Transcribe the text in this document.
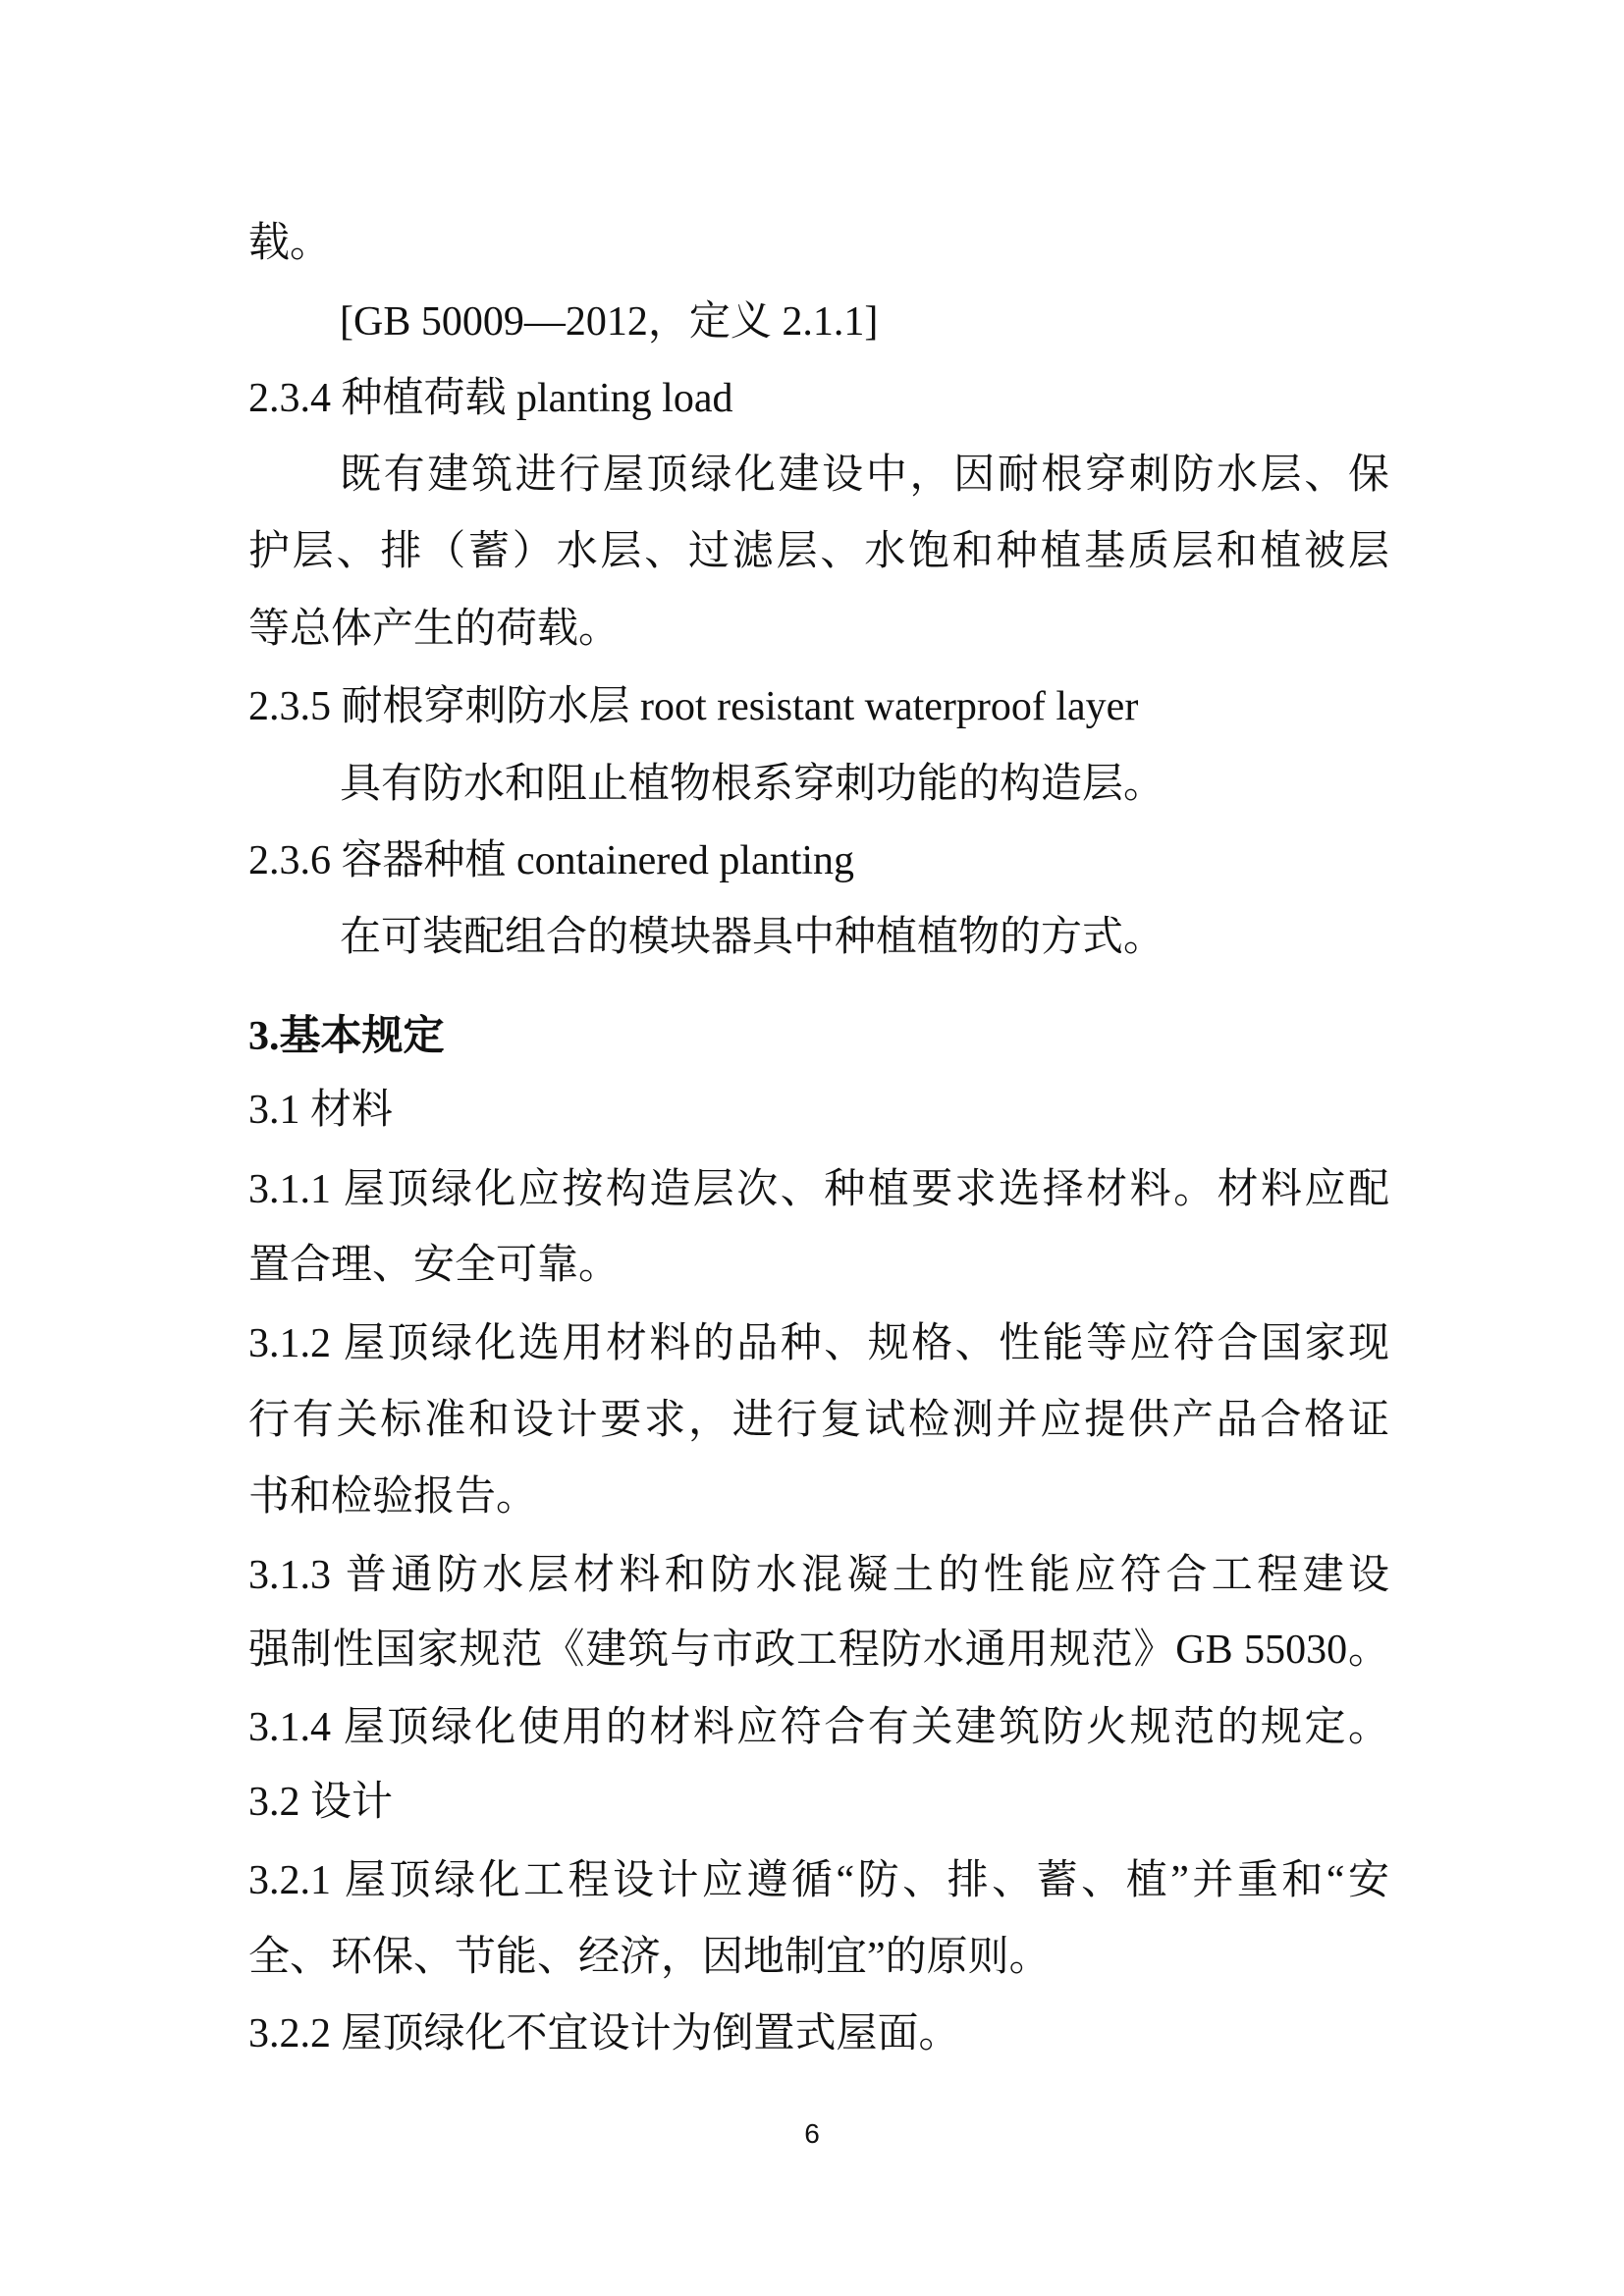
载。
[GB 50009—2012，定义 2.1.1]
2.3.4 种植荷载 planting load
既有建筑进行屋顶绿化建设中，因耐根穿刺防水层、保
护层、排（蓄）水层、过滤层、水饱和种植基质层和植被层
等总体产生的荷载。
2.3.5 耐根穿刺防水层 root resistant waterproof layer
具有防水和阻止植物根系穿刺功能的构造层。
2.3.6 容器种植 containered planting
在可装配组合的模块器具中种植植物的方式。
3.基本规定
3.1 材料
3.1.1 屋顶绿化应按构造层次、种植要求选择材料。材料应配
置合理、安全可靠。
3.1.2 屋顶绿化选用材料的品种、规格、性能等应符合国家现
行有关标准和设计要求，进行复试检测并应提供产品合格证
书和检验报告。
3.1.3 普通防水层材料和防水混凝土的性能应符合工程建设
强制性国家规范《建筑与市政工程防水通用规范》GB 55030。
3.1.4 屋顶绿化使用的材料应符合有关建筑防火规范的规定。
3.2 设计
3.2.1 屋顶绿化工程设计应遵循“防、排、蓄、植”并重和“安
全、环保、节能、经济，因地制宜”的原则。
3.2.2 屋顶绿化不宜设计为倒置式屋面。
6
